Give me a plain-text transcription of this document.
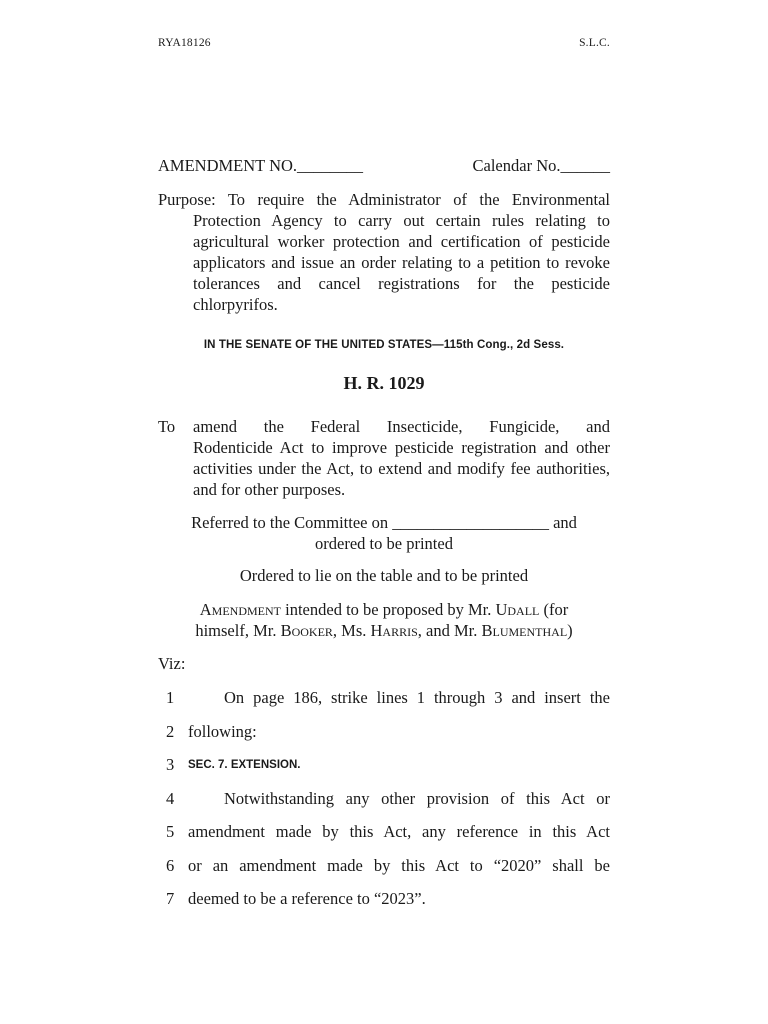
RYA18126	S.L.C.
AMENDMENT NO.________	Calendar No.______
Purpose: To require the Administrator of the Environmental Protection Agency to carry out certain rules relating to agricultural worker protection and certification of pesticide applicators and issue an order relating to a petition to revoke tolerances and cancel registrations for the pesticide chlorpyrifos.
IN THE SENATE OF THE UNITED STATES—115th Cong., 2d Sess.
H. R. 1029
To amend the Federal Insecticide, Fungicide, and
Rodenticide Act to improve pesticide registration and other activities under the Act, to extend and modify fee authorities, and for other purposes.
Referred to the Committee on ___________________ and
ordered to be printed
Ordered to lie on the table and to be printed
Amendment intended to be proposed by Mr. Udall (for
himself, Mr. Booker, Ms. Harris, and Mr. Blumenthal)
Viz:
1	On page 186, strike lines 1 through 3 and insert the
2 following:
3 SEC. 7. EXTENSION.
4	Notwithstanding any other provision of this Act or
5 amendment made by this Act, any reference in this Act
6 or an amendment made by this Act to “2020” shall be
7 deemed to be a reference to “2023”.
